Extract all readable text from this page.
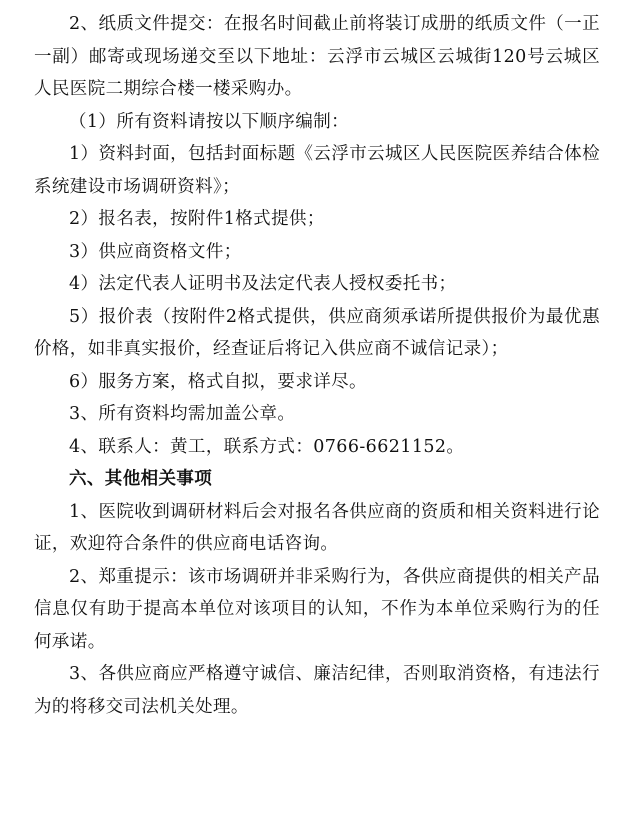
2、纸质文件提交：在报名时间截止前将装订成册的纸质文件（一正一副）邮寄或现场递交至以下地址：云浮市云城区云城街120号云城区人民医院二期综合楼一楼采购办。

（1）所有资料请按以下顺序编制：

1）资料封面，包括封面标题《云浮市云城区人民医院医养结合体检系统建设市场调研资料》；

2）报名表，按附件1格式提供；

3）供应商资格文件；

4）法定代表人证明书及法定代表人授权委托书；

5）报价表（按附件2格式提供，供应商须承诺所提供报价为最优惠价格，如非真实报价，经查证后将记入供应商不诚信记录）；

6）服务方案，格式自拟，要求详尽。

3、所有资料均需加盖公章。

4、联系人：黄工，联系方式：0766-6621152。

六、其他相关事项

1、医院收到调研材料后会对报名各供应商的资质和相关资料进行论证，欢迎符合条件的供应商电话咨询。

2、郑重提示：该市场调研并非采购行为，各供应商提供的相关产品信息仅有助于提高本单位对该项目的认知，不作为本单位采购行为的任何承诺。

3、各供应商应严格遵守诚信、廉洁纪律，否则取消资格，有违法行为的将移交司法机关处理。
